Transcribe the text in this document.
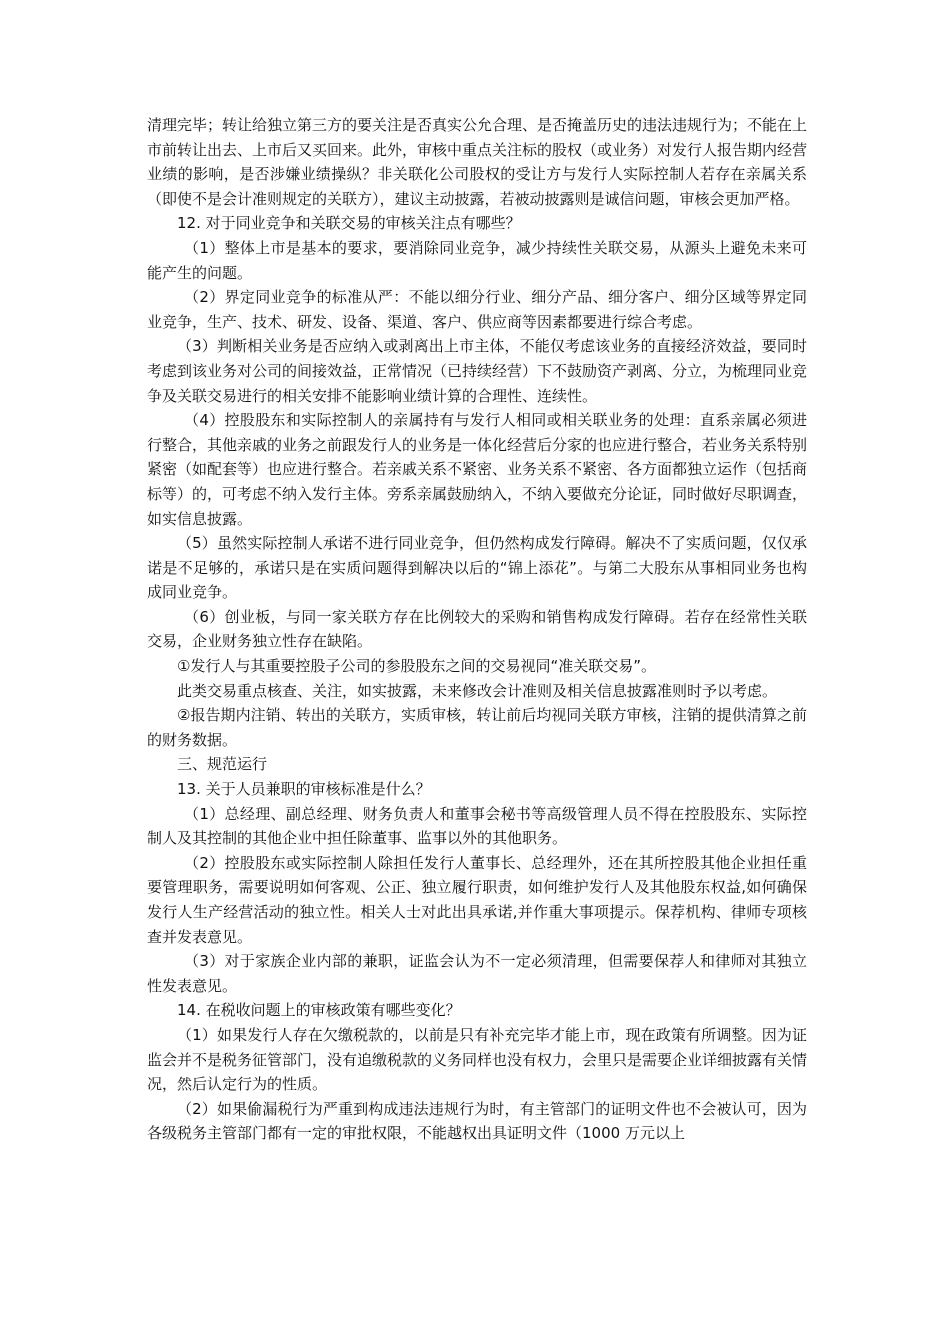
清理完毕；转让给独立第三方的要关注是否真实公允合理、是否掩盖历史的违法违规行为；不能在上市前转让出去、上市后又买回来。此外，审核中重点关注标的股权（或业务）对发行人报告期内经营业绩的影响，是否涉嫌业绩操纵？非关联化公司股权的受让方与发行人实际控制人若存在亲属关系（即使不是会计准则规定的关联方），建议主动披露，若被动披露则是诚信问题，审核会更加严格。

12. 对于同业竞争和关联交易的审核关注点有哪些？

（1）整体上市是基本的要求，要消除同业竞争，减少持续性关联交易，从源头上避免未来可能产生的问题。

（2）界定同业竞争的标准从严：不能以细分行业、细分产品、细分客户、细分区域等界定同业竞争，生产、技术、研发、设备、渠道、客户、供应商等因素都要进行综合考虑。

（3）判断相关业务是否应纳入或剥离出上市主体，不能仅考虑该业务的直接经济效益，要同时考虑到该业务对公司的间接效益，正常情况（已持续经营）下不鼓励资产剥离、分立，为梳理同业竞争及关联交易进行的相关安排不能影响业绩计算的合理性、连续性。

（4）控股股东和实际控制人的亲属持有与发行人相同或相关联业务的处理：直系亲属必须进行整合，其他亲戚的业务之前跟发行人的业务是一体化经营后分家的也应进行整合，若业务关系特别紧密（如配套等）也应进行整合。若亲戚关系不紧密、业务关系不紧密、各方面都独立运作（包括商标等）的，可考虑不纳入发行主体。旁系亲属鼓励纳入，不纳入要做充分论证，同时做好尽职调查，如实信息披露。

（5）虽然实际控制人承诺不进行同业竞争，但仍然构成发行障碍。解决不了实质问题，仅仅承诺是不足够的，承诺只是在实质问题得到解决以后的“锦上添花”。与第二大股东从事相同业务也构成同业竞争。

（6）创业板，与同一家关联方存在比例较大的采购和销售构成发行障碍。若存在经常性关联交易，企业财务独立性存在缺陷。

①发行人与其重要控股子公司的参股股东之间的交易视同“准关联交易”。

此类交易重点核查、关注，如实披露，未来修改会计准则及相关信息披露准则时予以考虑。

②报告期内注销、转出的关联方，实质审核，转让前后均视同关联方审核，注销的提供清算之前的财务数据。

三、规范运行

13. 关于人员兼职的审核标准是什么？

（1）总经理、副总经理、财务负责人和董事会秘书等高级管理人员不得在控股股东、实际控制人及其控制的其他企业中担任除董事、监事以外的其他职务。

（2）控股股东或实际控制人除担任发行人董事长、总经理外，还在其所控股其他企业担任重要管理职务，需要说明如何客观、公正、独立履行职责，如何维护发行人及其他股东权益,如何确保发行人生产经营活动的独立性。相关人士对此出具承诺,并作重大事项提示。保荐机构、律师专项核查并发表意见。

（3）对于家族企业内部的兼职，证监会认为不一定必须清理，但需要保荐人和律师对其独立性发表意见。

14. 在税收问题上的审核政策有哪些变化？

（1）如果发行人存在欠缴税款的，以前是只有补充完毕才能上市，现在政策有所调整。因为证监会并不是税务征管部门，没有追缴税款的义务同样也没有权力，会里只是需要企业详细披露有关情况，然后认定行为的性质。

（2）如果偷漏税行为严重到构成违法违规行为时，有主管部门的证明文件也不会被认可，因为各级税务主管部门都有一定的审批权限，不能越权出具证明文件（1000 万元以上
